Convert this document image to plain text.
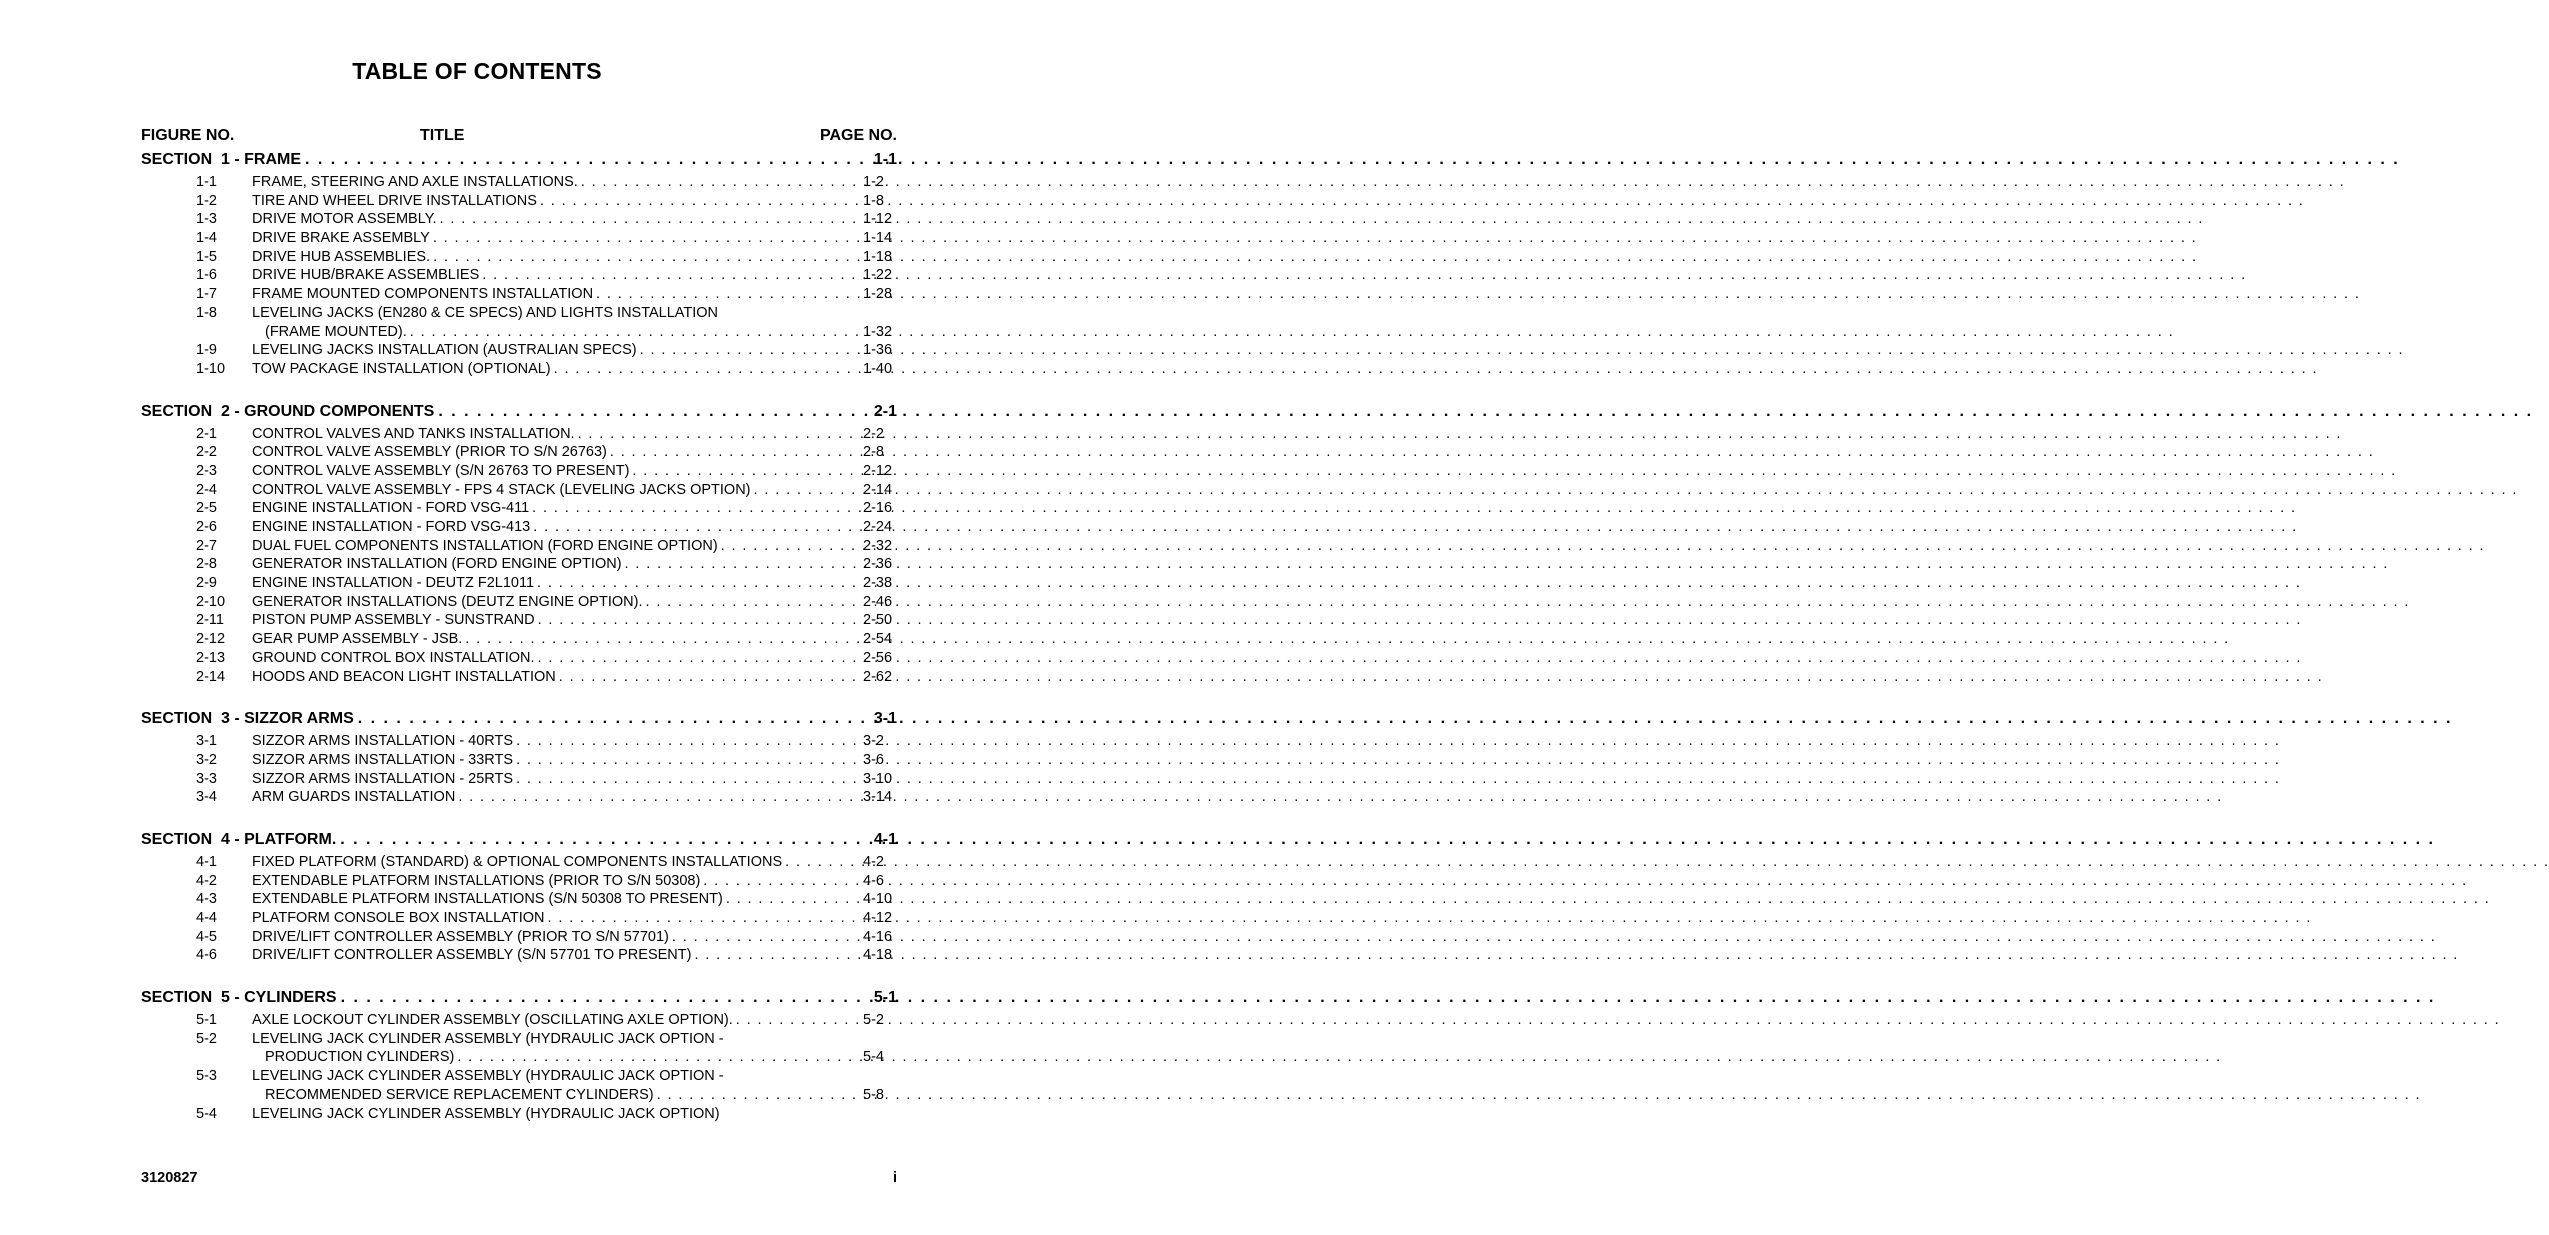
TABLE OF CONTENTS
FIGURE NO.	TITLE	PAGE NO.
SECTION  1 - FRAME . . .	1-1
1-1	FRAME, STEERING AND AXLE INSTALLATIONS. . . .	1-2
1-2	TIRE AND WHEEL DRIVE INSTALLATIONS . . .	1-8
1-3	DRIVE MOTOR ASSEMBLY. . . .	1-12
1-4	DRIVE BRAKE ASSEMBLY . . .	1-14
1-5	DRIVE HUB ASSEMBLIES. . . .	1-18
1-6	DRIVE HUB/BRAKE ASSEMBLIES . . .	1-22
1-7	FRAME MOUNTED COMPONENTS INSTALLATION . . .	1-28
1-8	LEVELING JACKS (EN280 & CE SPECS) AND LIGHTS INSTALLATION
(FRAME MOUNTED). . . .	1-32
1-9	LEVELING JACKS INSTALLATION (AUSTRALIAN SPECS) . . .	1-36
1-10	TOW PACKAGE INSTALLATION (OPTIONAL) . . .	1-40
SECTION  2 - GROUND COMPONENTS . . .	2-1
2-1	CONTROL VALVES AND TANKS INSTALLATION. . . .	2-2
2-2	CONTROL VALVE ASSEMBLY (PRIOR TO S/N 26763) . . .	2-8
2-3	CONTROL VALVE ASSEMBLY (S/N 26763 TO PRESENT) . . .	2-12
2-4	CONTROL VALVE ASSEMBLY - FPS 4 STACK (LEVELING JACKS OPTION) . . .	2-14
2-5	ENGINE INSTALLATION - FORD VSG-411 . . .	2-16
2-6	ENGINE INSTALLATION - FORD VSG-413 . . .	2-24
2-7	DUAL FUEL COMPONENTS INSTALLATION (FORD ENGINE OPTION) . . .	2-32
2-8	GENERATOR INSTALLATION (FORD ENGINE OPTION) . . .	2-36
2-9	ENGINE INSTALLATION - DEUTZ F2L1011 . . .	2-38
2-10	GENERATOR INSTALLATIONS (DEUTZ ENGINE OPTION). . . .	2-46
2-11	PISTON PUMP ASSEMBLY - SUNSTRAND . . .	2-50
2-12	GEAR PUMP ASSEMBLY - JSB. . . .	2-54
2-13	GROUND CONTROL BOX INSTALLATION. . . .	2-56
2-14	HOODS AND BEACON LIGHT INSTALLATION . . .	2-62
SECTION  3 - SIZZOR ARMS . . .	3-1
3-1	SIZZOR ARMS INSTALLATION - 40RTS . . .	3-2
3-2	SIZZOR ARMS INSTALLATION - 33RTS . . .	3-6
3-3	SIZZOR ARMS INSTALLATION - 25RTS . . .	3-10
3-4	ARM GUARDS INSTALLATION . . .	3-14
SECTION  4 - PLATFORM. . . .	4-1
4-1	FIXED PLATFORM (STANDARD) & OPTIONAL COMPONENTS INSTALLATIONS . . .	4-2
4-2	EXTENDABLE PLATFORM INSTALLATIONS (PRIOR TO S/N 50308) . . .	4-6
4-3	EXTENDABLE PLATFORM INSTALLATIONS (S/N 50308 TO PRESENT) . . .	4-10
4-4	PLATFORM CONSOLE BOX INSTALLATION . . .	4-12
4-5	DRIVE/LIFT CONTROLLER ASSEMBLY (PRIOR TO S/N 57701) . . .	4-16
4-6	DRIVE/LIFT CONTROLLER ASSEMBLY (S/N 57701 TO PRESENT) . . .	4-18
SECTION  5 - CYLINDERS . . .	5-1
5-1	AXLE LOCKOUT CYLINDER ASSEMBLY (OSCILLATING AXLE OPTION). . . .	5-2
5-2	LEVELING JACK CYLINDER ASSEMBLY (HYDRAULIC JACK OPTION -
PRODUCTION CYLINDERS) . . .	5-4
5-3	LEVELING JACK CYLINDER ASSEMBLY (HYDRAULIC JACK OPTION -
RECOMMENDED SERVICE REPLACEMENT CYLINDERS) . . .	5-8
5-4	LEVELING JACK CYLINDER ASSEMBLY (HYDRAULIC JACK OPTION)
3120827	i
